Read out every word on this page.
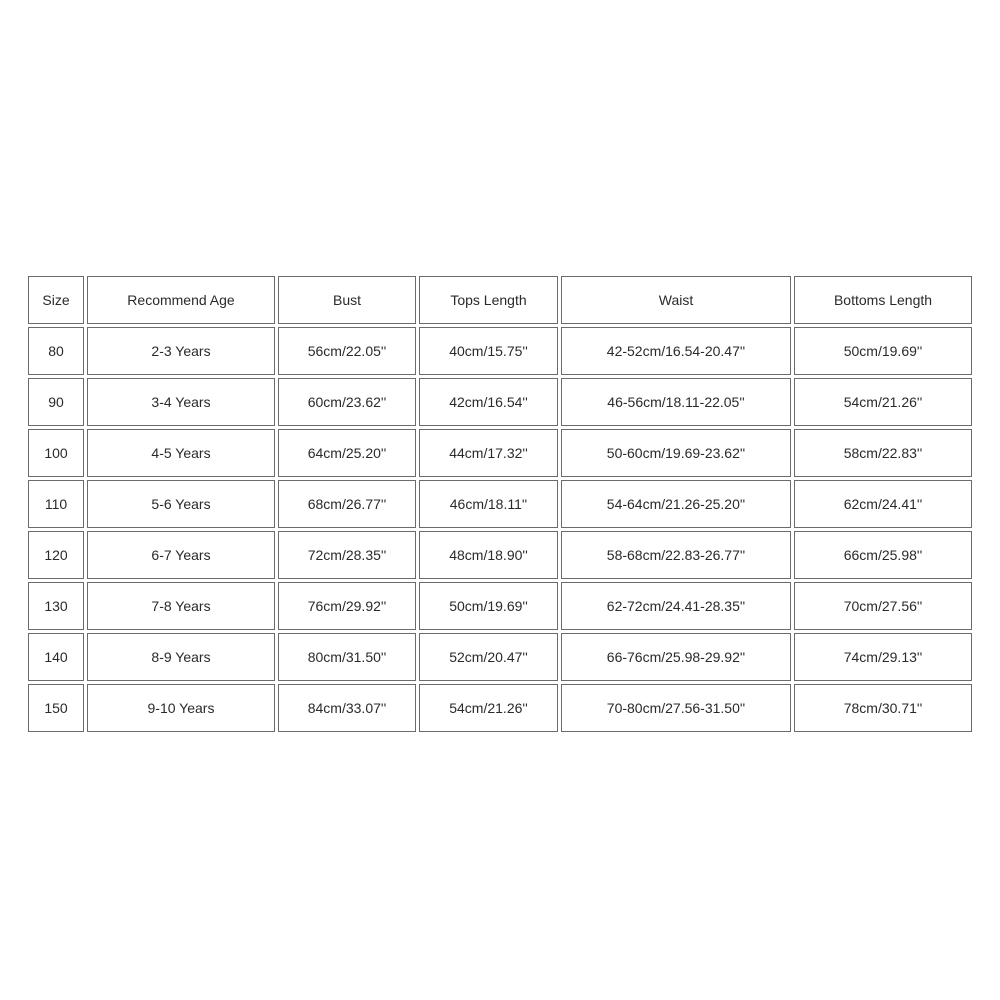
Size	Recommend Age	Bust	Tops Length	Waist	Bottoms Length
80	2-3 Years	56cm/22.05''	40cm/15.75''	42-52cm/16.54-20.47''	50cm/19.69''
90	3-4 Years	60cm/23.62''	42cm/16.54''	46-56cm/18.11-22.05''	54cm/21.26''
100	4-5 Years	64cm/25.20''	44cm/17.32''	50-60cm/19.69-23.62''	58cm/22.83''
110	5-6 Years	68cm/26.77''	46cm/18.11''	54-64cm/21.26-25.20''	62cm/24.41''
120	6-7 Years	72cm/28.35''	48cm/18.90''	58-68cm/22.83-26.77''	66cm/25.98''
130	7-8 Years	76cm/29.92''	50cm/19.69''	62-72cm/24.41-28.35''	70cm/27.56''
140	8-9 Years	80cm/31.50''	52cm/20.47''	66-76cm/25.98-29.92''	74cm/29.13''
150	9-10 Years	84cm/33.07''	54cm/21.26''	70-80cm/27.56-31.50''	78cm/30.71''
